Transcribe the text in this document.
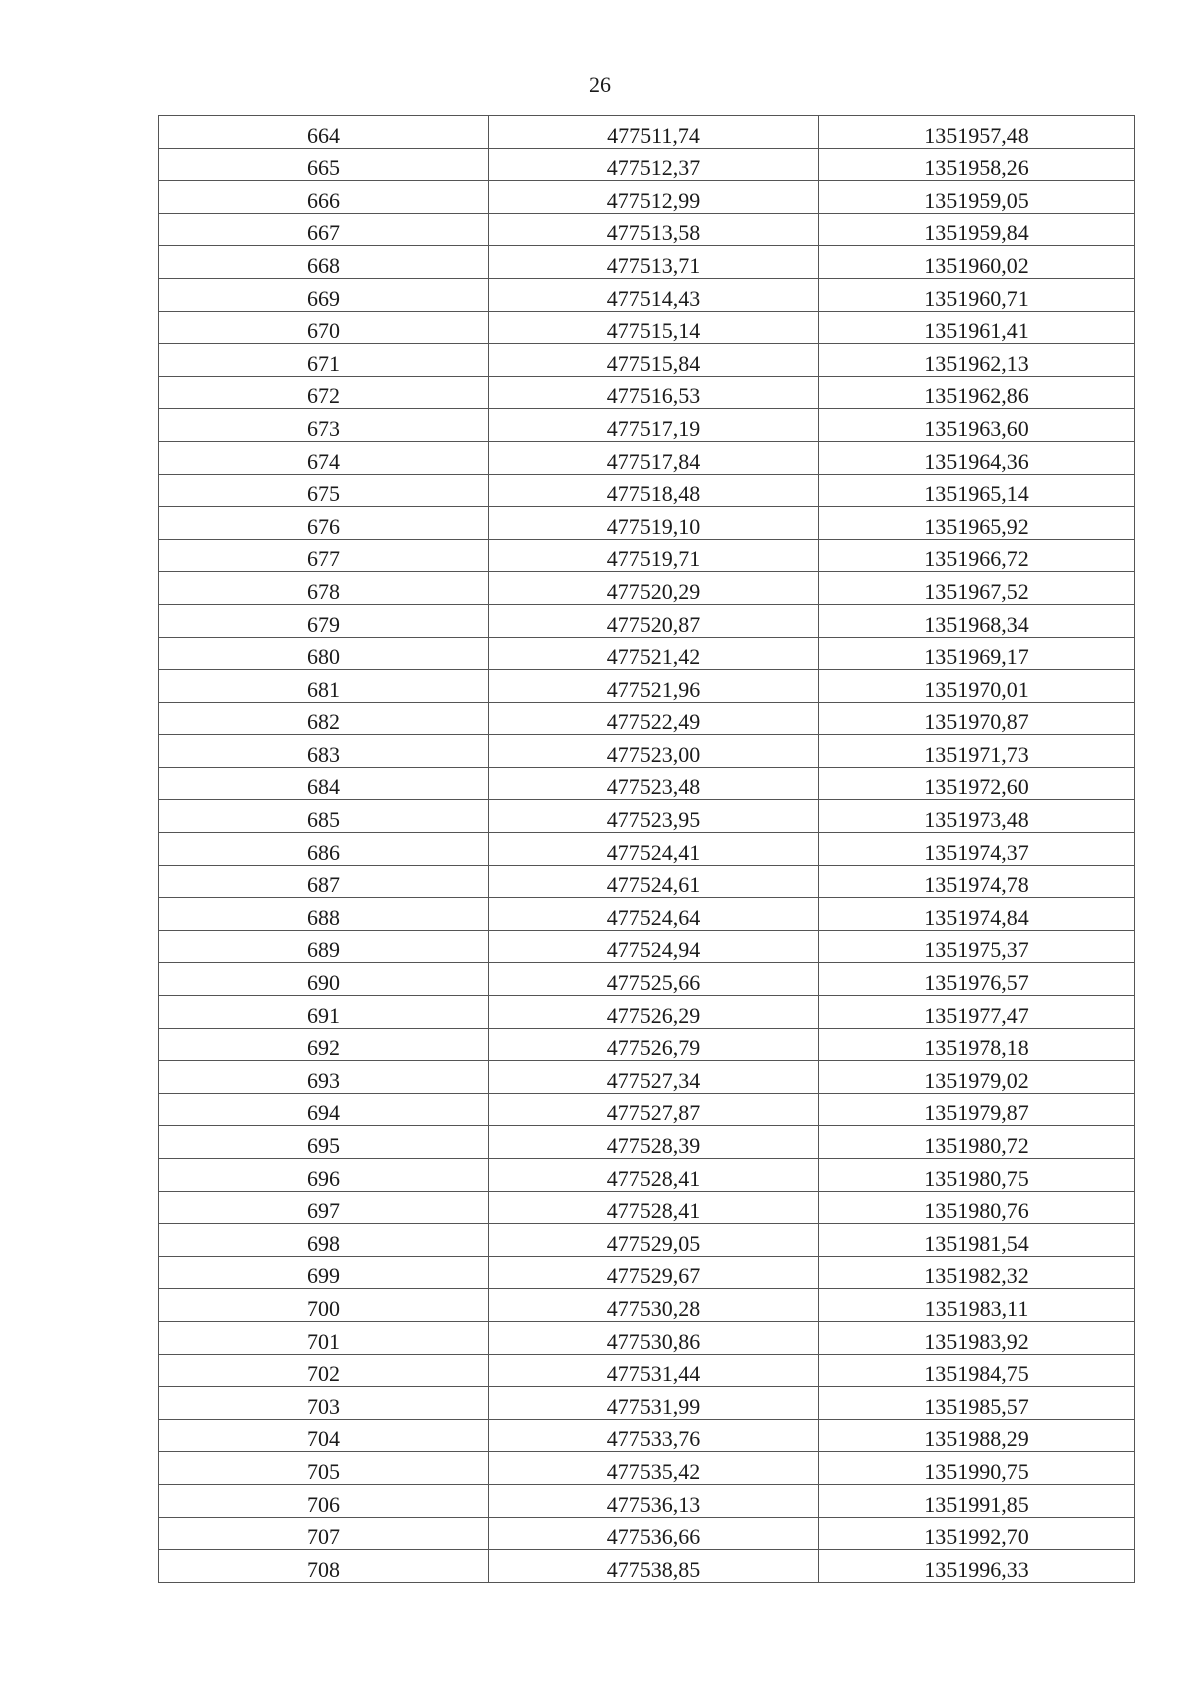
26
664	477511,74	1351957,48
665	477512,37	1351958,26
666	477512,99	1351959,05
667	477513,58	1351959,84
668	477513,71	1351960,02
669	477514,43	1351960,71
670	477515,14	1351961,41
671	477515,84	1351962,13
672	477516,53	1351962,86
673	477517,19	1351963,60
674	477517,84	1351964,36
675	477518,48	1351965,14
676	477519,10	1351965,92
677	477519,71	1351966,72
678	477520,29	1351967,52
679	477520,87	1351968,34
680	477521,42	1351969,17
681	477521,96	1351970,01
682	477522,49	1351970,87
683	477523,00	1351971,73
684	477523,48	1351972,60
685	477523,95	1351973,48
686	477524,41	1351974,37
687	477524,61	1351974,78
688	477524,64	1351974,84
689	477524,94	1351975,37
690	477525,66	1351976,57
691	477526,29	1351977,47
692	477526,79	1351978,18
693	477527,34	1351979,02
694	477527,87	1351979,87
695	477528,39	1351980,72
696	477528,41	1351980,75
697	477528,41	1351980,76
698	477529,05	1351981,54
699	477529,67	1351982,32
700	477530,28	1351983,11
701	477530,86	1351983,92
702	477531,44	1351984,75
703	477531,99	1351985,57
704	477533,76	1351988,29
705	477535,42	1351990,75
706	477536,13	1351991,85
707	477536,66	1351992,70
708	477538,85	1351996,33
